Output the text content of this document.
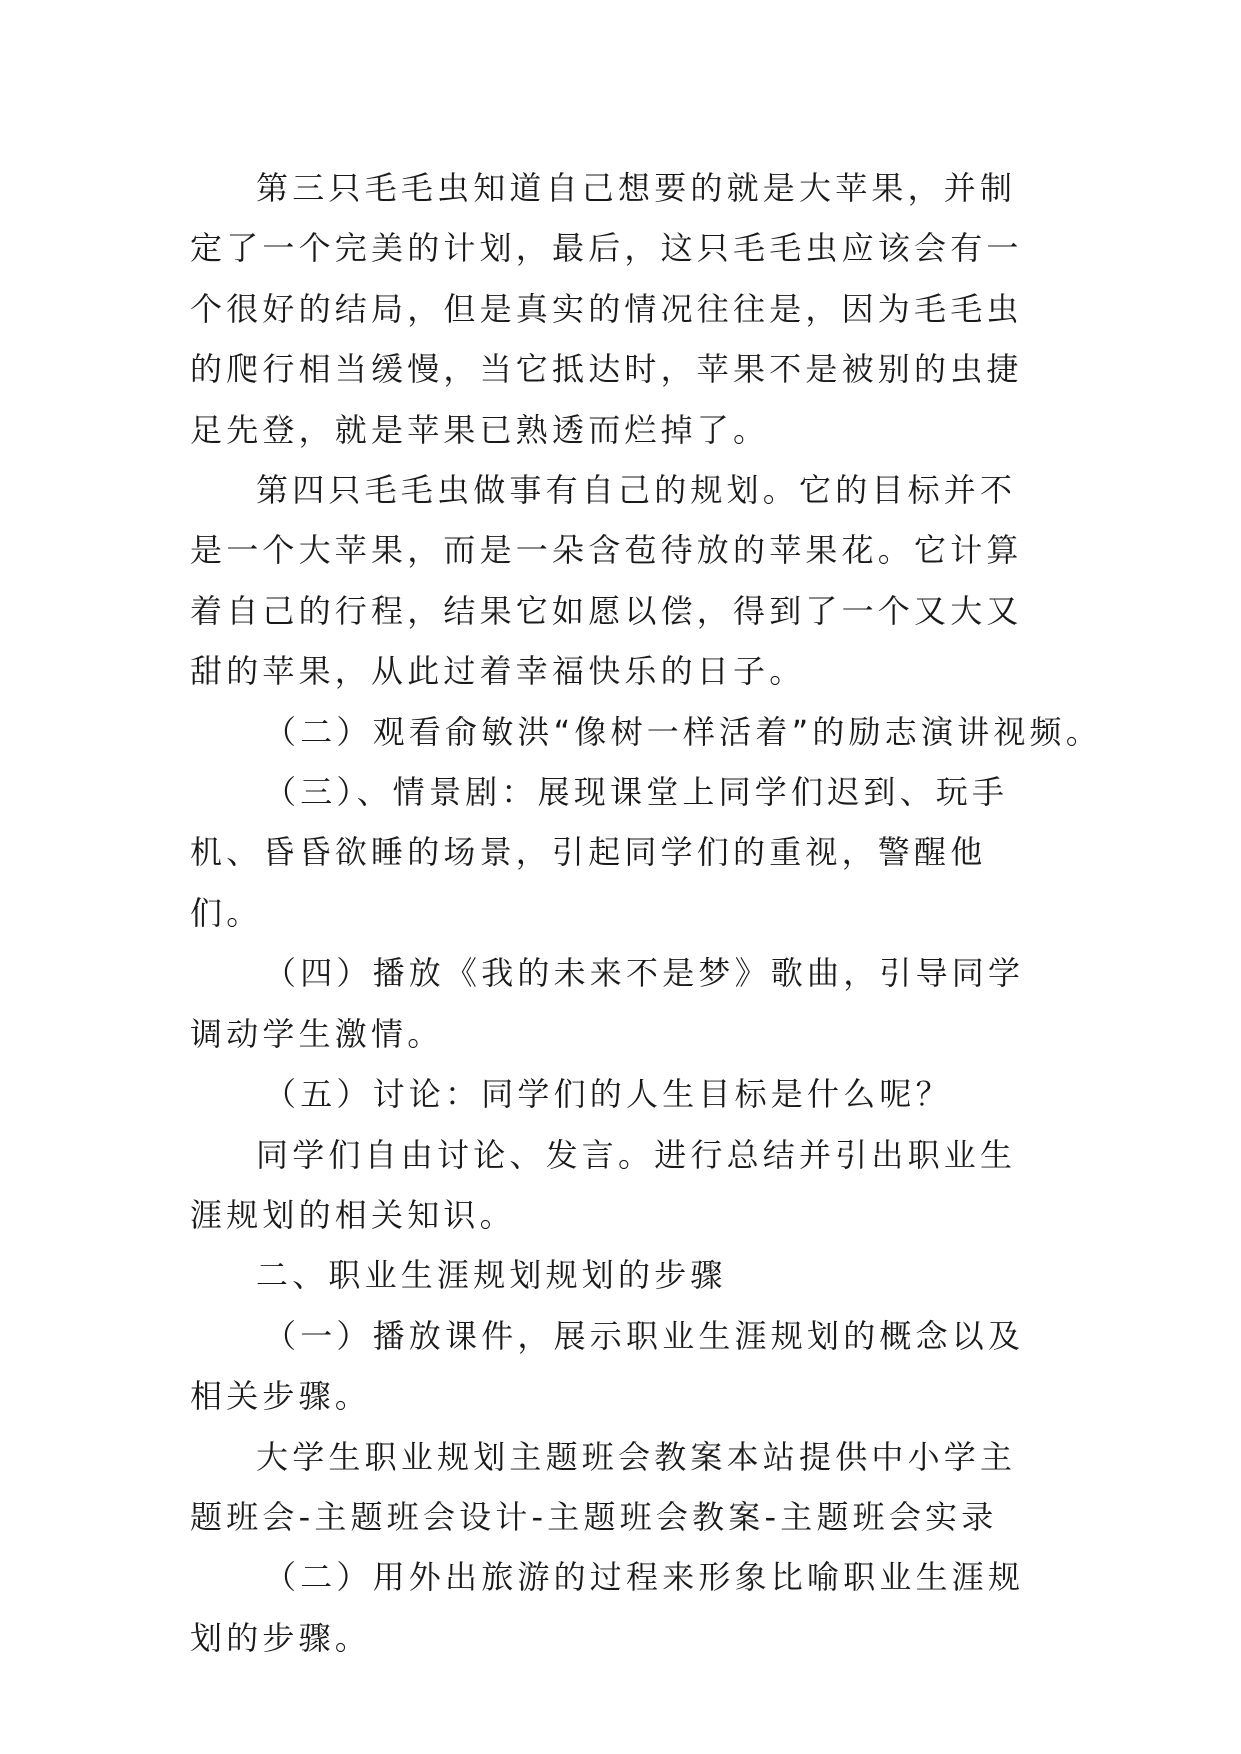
第三只毛毛虫知道自己想要的就是大苹果，并制定了一个完美的计划，最后，这只毛毛虫应该会有一个很好的结局，但是真实的情况往往是，因为毛毛虫的爬行相当缓慢，当它抵达时，苹果不是被别的虫捷足先登，就是苹果已熟透而烂掉了。

第四只毛毛虫做事有自己的规划。它的目标并不是一个大苹果，而是一朵含苞待放的苹果花。它计算着自己的行程，结果它如愿以偿，得到了一个又大又甜的苹果，从此过着幸福快乐的日子。

（二）观看俞敏洪“像树一样活着”的励志演讲视频。

（三）、情景剧：展现课堂上同学们迟到、玩手机、昏昏欲睡的场景，引起同学们的重视，警醒他们。

（四）播放《我的未来不是梦》歌曲，引导同学调动学生激情。

（五）讨论：同学们的人生目标是什么呢？

同学们自由讨论、发言。进行总结并引出职业生涯规划的相关知识。

二、职业生涯规划规划的步骤

（一）播放课件，展示职业生涯规划的概念以及相关步骤。

大学生职业规划主题班会教案本站提供中小学主题班会-主题班会设计-主题班会教案-主题班会实录

（二）用外出旅游的过程来形象比喻职业生涯规划的步骤。
